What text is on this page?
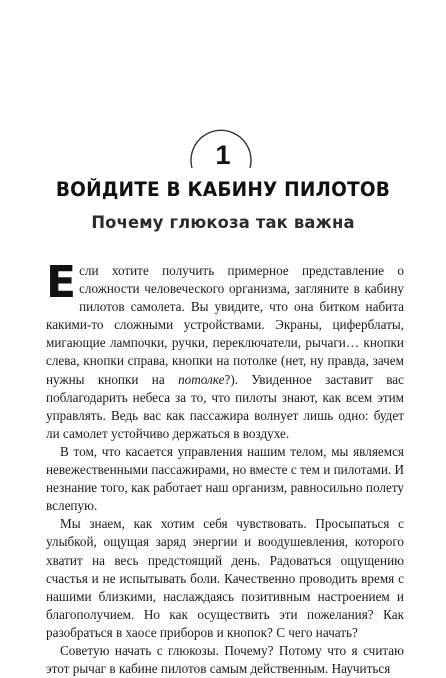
1
ВОЙДИТЕ В КАБИНУ ПИЛОТОВ
Почему глюкоза так важна

Если хотите получить примерное представление о сложности человеческого организма, загляните в кабину пилотов самолета. Вы увидите, что она битком набита какими-то сложными устройствами. Экраны, циферблаты, мигающие лампочки, ручки, переключатели, рычаги… кнопки слева, кнопки справа, кнопки на потолке (нет, ну правда, зачем нужны кнопки на потолке?). Увиденное заставит вас поблагодарить небеса за то, что пилоты знают, как всем этим управлять. Ведь вас как пассажира волнует лишь одно: будет ли самолет устойчиво держаться в воздухе.

В том, что касается управления нашим телом, мы являемся невежественными пассажирами, но вместе с тем и пилотами. И незнание того, как работает наш организм, равносильно полету вслепую.

Мы знаем, как хотим себя чувствовать. Просыпаться с улыбкой, ощущая заряд энергии и воодушевления, которого хватит на весь предстоящий день. Радоваться ощущению счастья и не испытывать боли. Качественно проводить время с нашими близкими, наслаждаясь позитивным настроением и благополучием. Но как осуществить эти пожелания? Как разобраться в хаосе приборов и кнопок? С чего начать?

Советую начать с глюкозы. Почему? Потому что я считаю этот рычаг в кабине пилотов самым действенным. Научиться
